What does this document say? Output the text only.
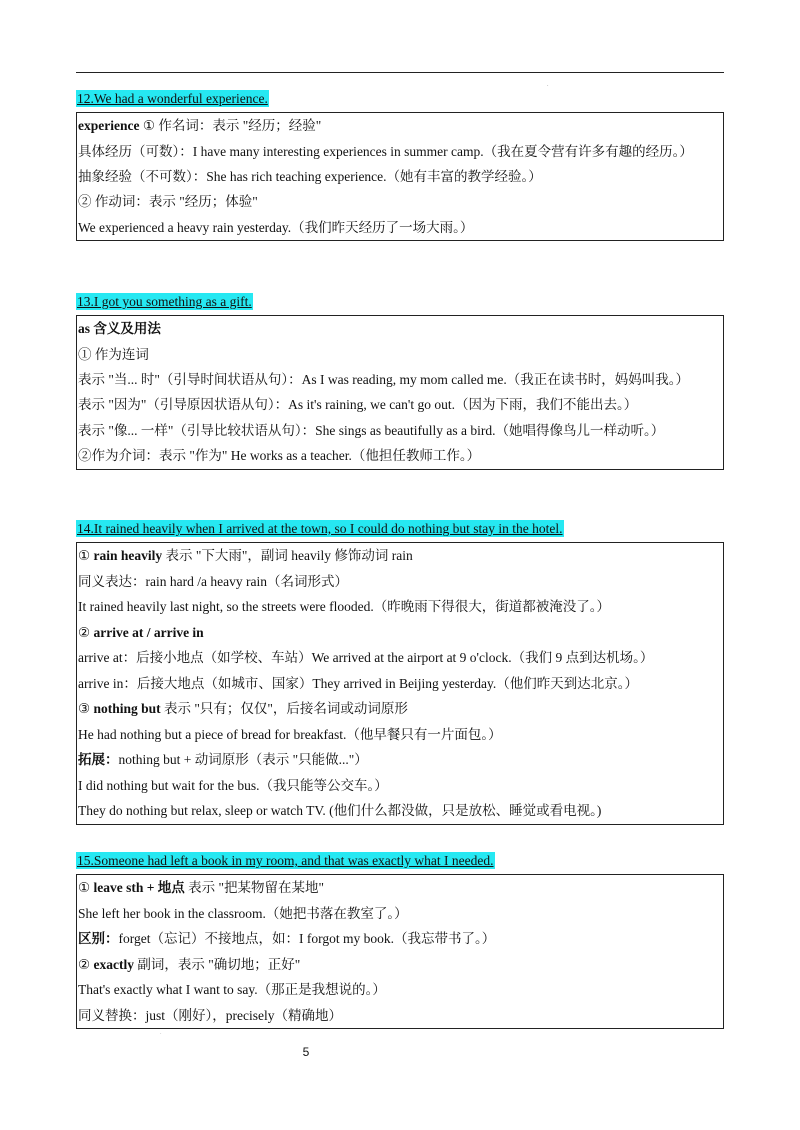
.
12.We had a wonderful experience.
experience ① 作名词：表示 "经历；经验"
具体经历（可数）：I have many interesting experiences in summer camp.（我在夏令营有许多有趣的经历。）
抽象经验（不可数）：She has rich teaching experience.（她有丰富的教学经验。）
② 作动词：表示 "经历；体验"
We experienced a heavy rain yesterday.（我们昨天经历了一场大雨。）
13.I got you something as a gift.
as 含义及用法
① 作为连词
表示 "当... 时"（引导时间状语从句）：As I was reading, my mom called me.（我正在读书时，妈妈叫我。）
表示 "因为"（引导原因状语从句）：As it's raining, we can't go out.（因为下雨，我们不能出去。）
表示 "像... 一样"（引导比较状语从句）：She sings as beautifully as a bird.（她唱得像鸟儿一样动听。）
②作为介词：表示 "作为" He works as a teacher.（他担任教师工作。）
14.It rained heavily when I arrived at the town, so I could do nothing but stay in the hotel.
① rain heavily 表示 "下大雨"，副词 heavily 修饰动词 rain
同义表达：rain hard /a heavy rain（名词形式）
It rained heavily last night, so the streets were flooded.（昨晚雨下得很大，街道都被淹没了。）
② arrive at / arrive in
arrive at：后接小地点（如学校、车站）We arrived at the airport at 9 o'clock.（我们 9 点到达机场。）
arrive in：后接大地点（如城市、国家）They arrived in Beijing yesterday.（他们昨天到达北京。）
③ nothing but 表示 "只有；仅仅"，后接名词或动词原形
He had nothing but a piece of bread for breakfast.（他早餐只有一片面包。）
拓展：nothing but + 动词原形（表示 "只能做..."）
I did nothing but wait for the bus.（我只能等公交车。）
They do nothing but relax, sleep or watch TV. (他们什么都没做，只是放松、睡觉或看电视。)
15.Someone had left a book in my room, and that was exactly what I needed.
① leave sth + 地点 表示 "把某物留在某地"
She left her book in the classroom.（她把书落在教室了。）
区别：forget（忘记）不接地点，如：I forgot my book.（我忘带书了。）
② exactly 副词，表示 "确切地；正好"
That's exactly what I want to say.（那正是我想说的。）
同义替换：just（刚好），precisely（精确地）
.
5
